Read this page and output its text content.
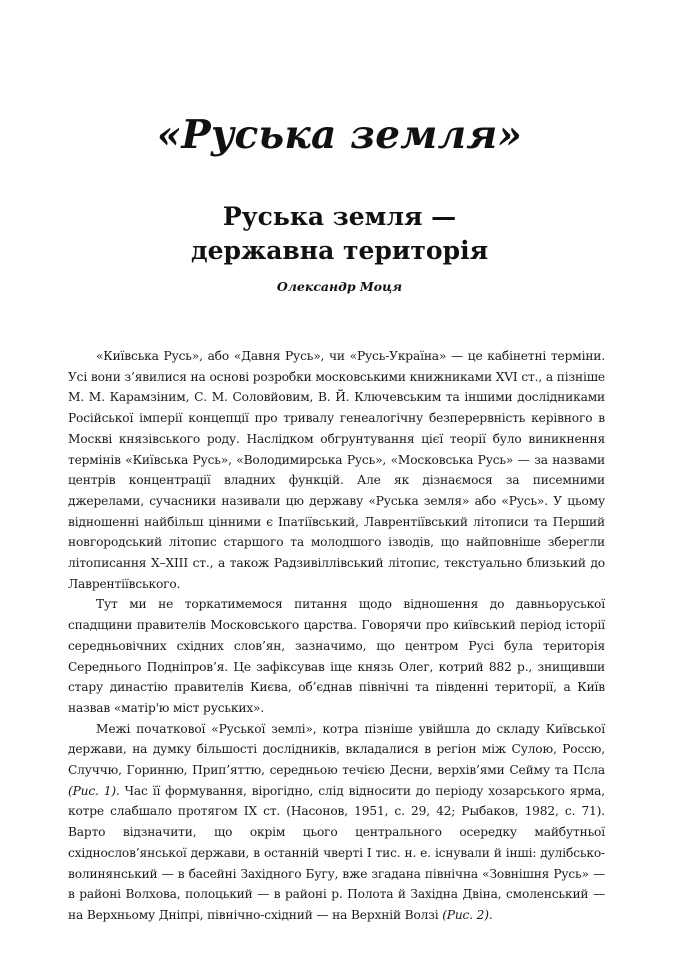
«Руська земля»
Руська земля —
державна територія
Олександр Моця

«Київська Русь», або «Давня Русь», чи «Русь-Україна» — це кабінетні терміни. Усі вони з’явилися на основі розробки московськими книжниками XVI ст., а пізніше М. М. Карамзіним, С. М. Соловйовим, В. Й. Ключевським та іншими дослідниками Російської імперії концепції про тривалу генеалогічну безперервність керівного в Москві князівського роду. Наслідком обгрунтування цієї теорії було виникнення термінів «Київська Русь», «Володимирська Русь», «Московська Русь» — за назвами центрів концентрації владних функцій. Але як дізнаємося за писемними джерелами, сучасники називали цю державу «Руська земля» або «Русь». У цьому відношенні найбільш цінними є Іпатіївський, Лаврентіївський літописи та Перший новгородський літопис старшого та молодшого ізводів, що найповніше зберегли літописання X–XIII ст., а також Радзивіллівський літопис, текстуально близький до Лаврентіївського.

Тут ми не торкатимемося питання щодо відношення до давньоруської спадщини правителів Московського царства. Говорячи про київський період історії середньовічних східних слов’ян, зазначимо, що центром Русі була територія Середнього Подніпров’я. Це зафіксував іще князь Олег, котрий 882 р., знищивши стару династію правителів Києва, об’єднав північні та південні території, а Київ назвав «матір'ю міст руських».

Межі початкової «Руської землі», котра пізніше увійшла до складу Київської держави, на думку більшості дослідників, вкладалися в регіон між Сулою, Россю, Случчю, Горинню, Прип’яттю, середньою течією Десни, верхів’ями Сейму та Псла (Рис. 1). Час її формування, вірогідно, слід відносити до періоду хозарського ярма, котре слабшало протягом IX ст. (Насонов, 1951, с. 29, 42; Рыбаков, 1982, с. 71). Варто відзначити, що окрім цього центрального осередку майбутньої східнослов’янської держави, в останній чверті I тис. н. е. існували й інші: дулібсько-волинянський — в басейні Західного Бугу, вже згадана північна «Зовнішня Русь» — в районі Волхова, полоцький — в районі р. Полота й Західна Двіна, смоленський — на Верхньому Дніпрі, північно-східний — на Верхній Волзі (Рис. 2).
